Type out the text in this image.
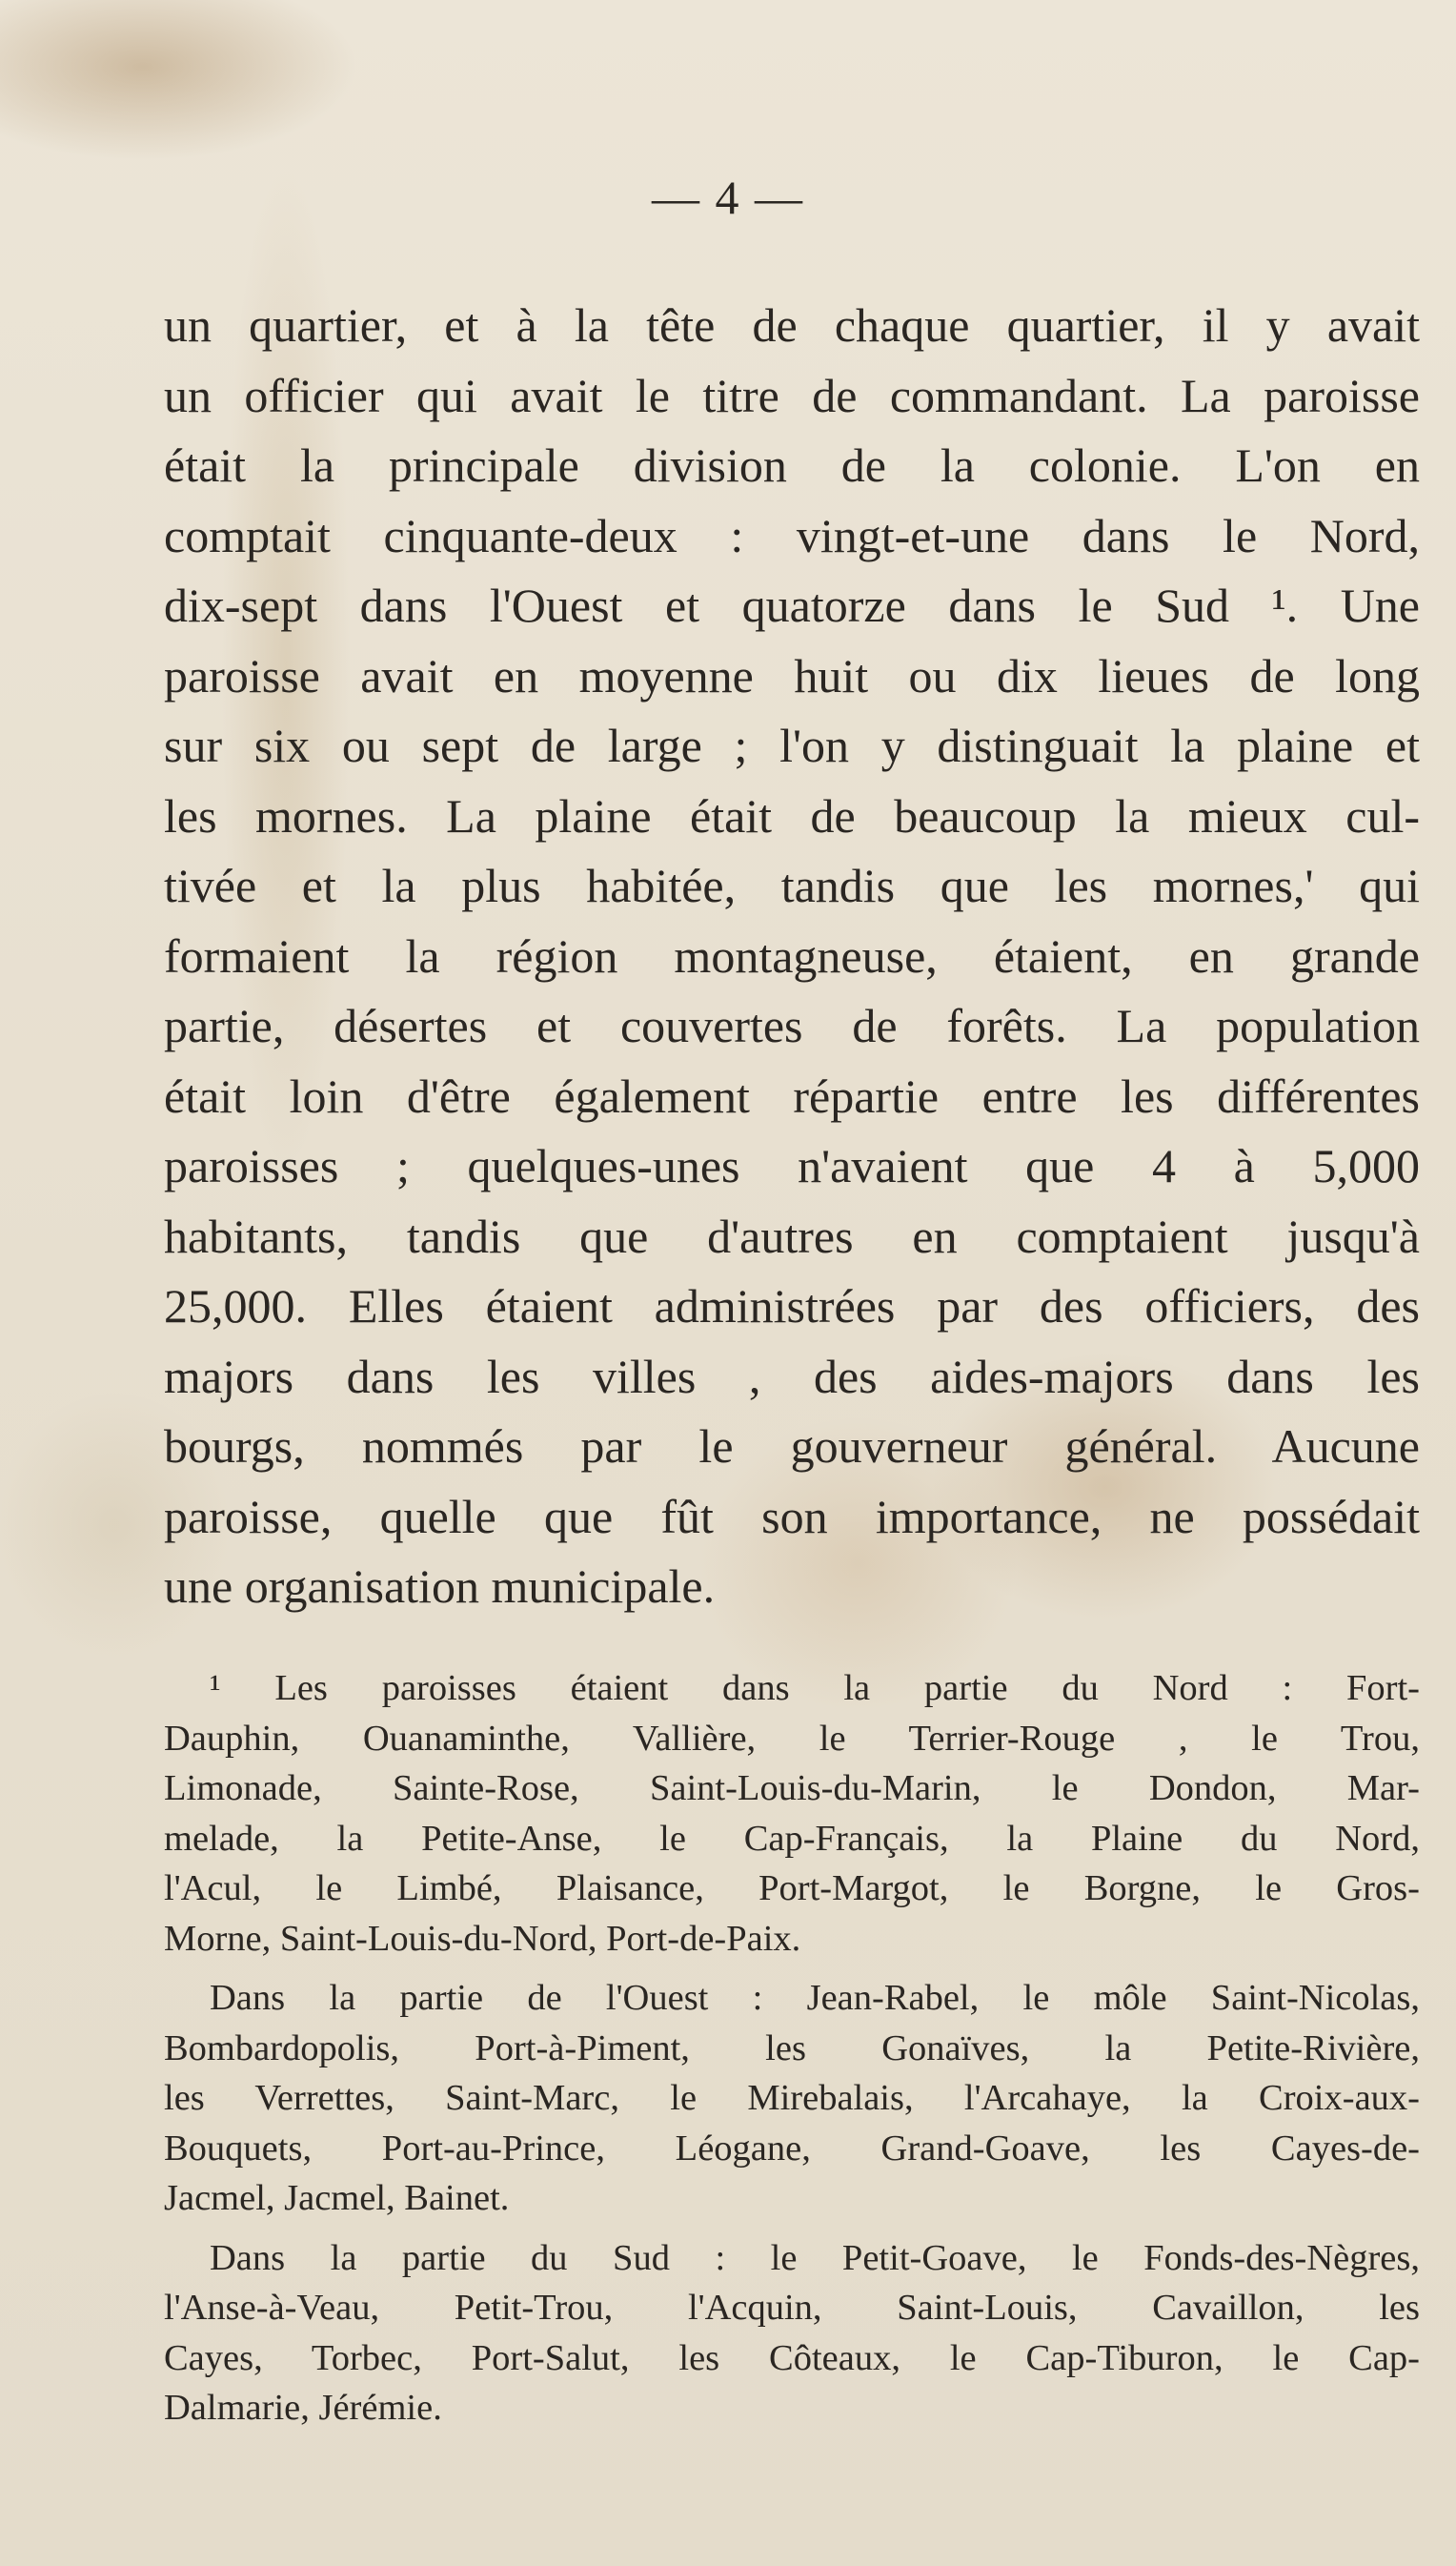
— 4 —
un quartier, et à la tête de chaque quartier, il y avait
un officier qui avait le titre de commandant. La paroisse
était la principale division de la colonie. L'on en
comptait cinquante-deux : vingt-et-une dans le Nord,
dix-sept dans l'Ouest et quatorze dans le Sud ¹. Une
paroisse avait en moyenne huit ou dix lieues de long
sur six ou sept de large ; l'on y distinguait la plaine et
les mornes. La plaine était de beaucoup la mieux cul-
tivée et la plus habitée, tandis que les mornes,' qui
formaient la région montagneuse, étaient, en grande
partie, désertes et couvertes de forêts. La population
était loin d'être également répartie entre les différentes
paroisses ; quelques-unes n'avaient que 4 à 5,000
habitants, tandis que d'autres en comptaient jusqu'à
25,000. Elles étaient administrées par des officiers, des
majors dans les villes , des aides-majors dans les
bourgs, nommés par le gouverneur général. Aucune
paroisse, quelle que fût son importance, ne possédait
une organisation municipale.
¹ Les paroisses étaient dans la partie du Nord : Fort-
Dauphin, Ouanaminthe, Vallière, le Terrier-Rouge , le Trou,
Limonade, Sainte-Rose, Saint-Louis-du-Marin, le Dondon, Mar-
melade, la Petite-Anse, le Cap-Français, la Plaine du Nord,
l'Acul, le Limbé, Plaisance, Port-Margot, le Borgne, le Gros-
Morne, Saint-Louis-du-Nord, Port-de-Paix.
Dans la partie de l'Ouest : Jean-Rabel, le môle Saint-Nicolas,
Bombardopolis, Port-à-Piment, les Gonaïves, la Petite-Rivière,
les Verrettes, Saint-Marc, le Mirebalais, l'Arcahaye, la Croix-aux-
Bouquets, Port-au-Prince, Léogane, Grand-Goave, les Cayes-de-
Jacmel, Jacmel, Bainet.
Dans la partie du Sud : le Petit-Goave, le Fonds-des-Nègres,
l'Anse-à-Veau, Petit-Trou, l'Acquin, Saint-Louis, Cavaillon, les
Cayes, Torbec, Port-Salut, les Côteaux, le Cap-Tiburon, le Cap-
Dalmarie, Jérémie.
